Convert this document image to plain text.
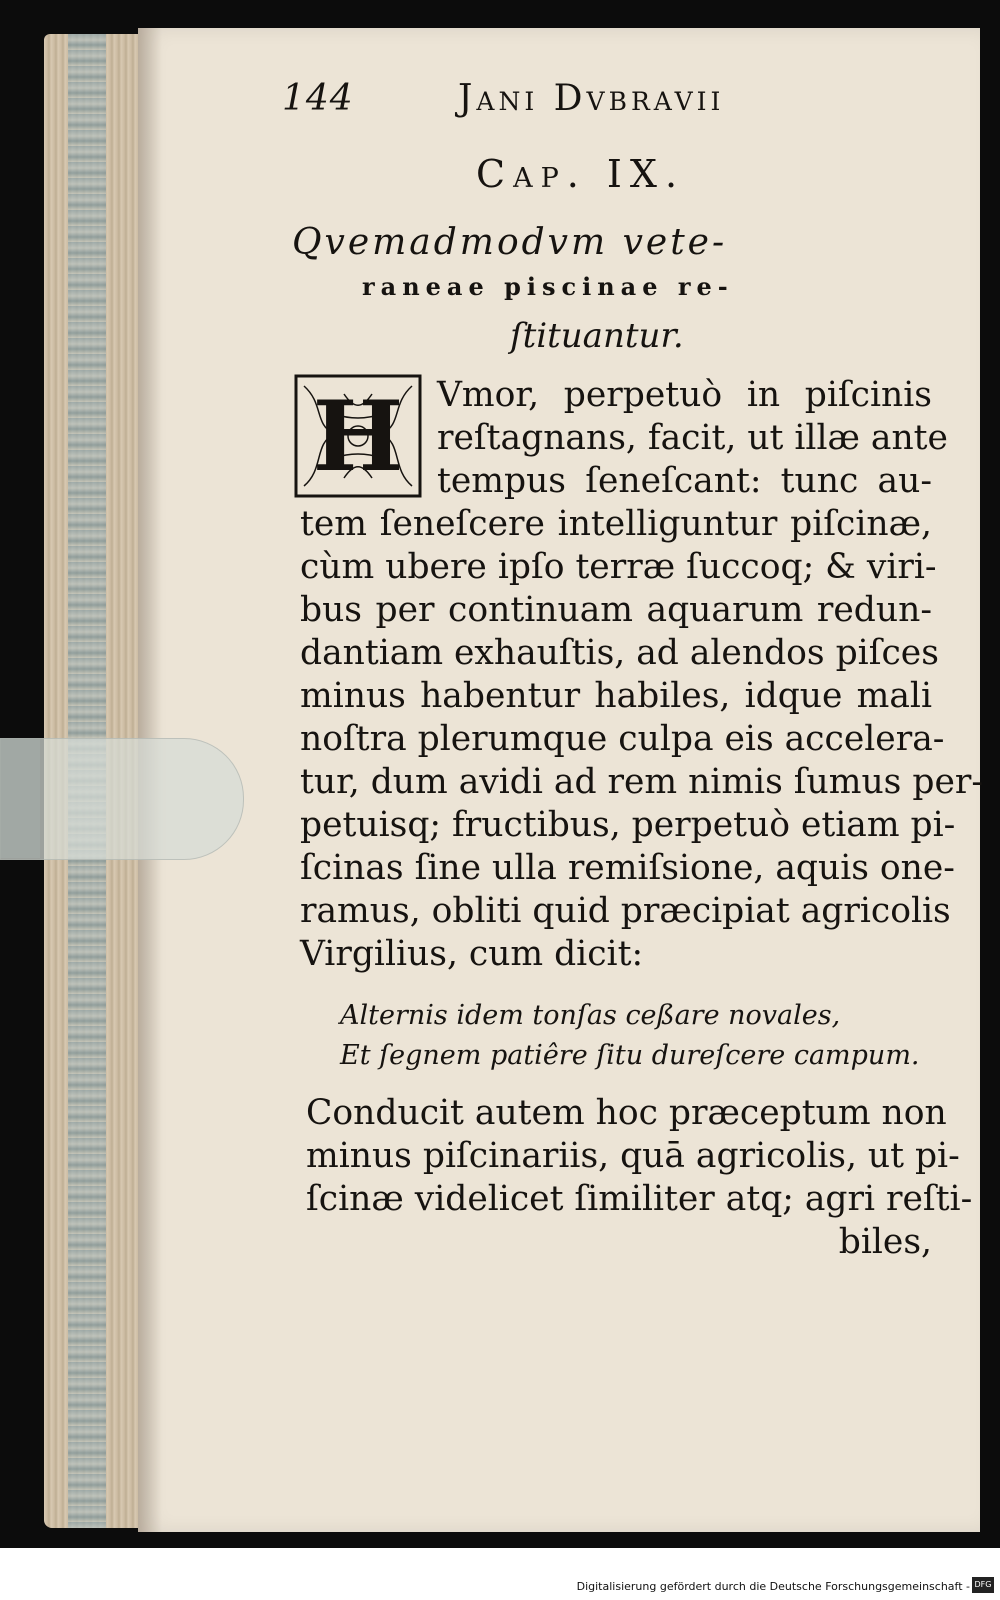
144	Jani Dvbravii
Cap. IX.
Qvemadmodvm vete-
raneae piscinae re-
ſtituantur.
H Vmor, perpetuò in piſcinis
reſtagnans, facit, ut illæ ante
tempus ſeneſcant: tunc au-
tem ſeneſcere intelliguntur piſcinæ,
cùm ubere ipſo terræ ſuccoq; & viri-
bus per continuam aquarum redun-
dantiam exhauſtis, ad alendos piſces
minus habentur habiles, idque mali
noſtra plerumque culpa eis accelera-
tur, dum avidi ad rem nimis ſumus per-
petuisq; fructibus, perpetuò etiam pi-
ſcinas ſine ulla remiſsione, aquis one-
ramus, obliti quid præcipiat agricolis
Virgilius, cum dicit:
Alternis idem tonſas ceßare novales,
Et ſegnem patiêre ſitu dureſcere campum.
Conducit autem hoc præceptum non
minus piſcinariis, quā agricolis, ut pi-
ſcinæ videlicet ſimiliter atq; agri reſti-
biles,
Digitalisierung gefördert durch die Deutsche Forschungsgemeinschaft - DFG
